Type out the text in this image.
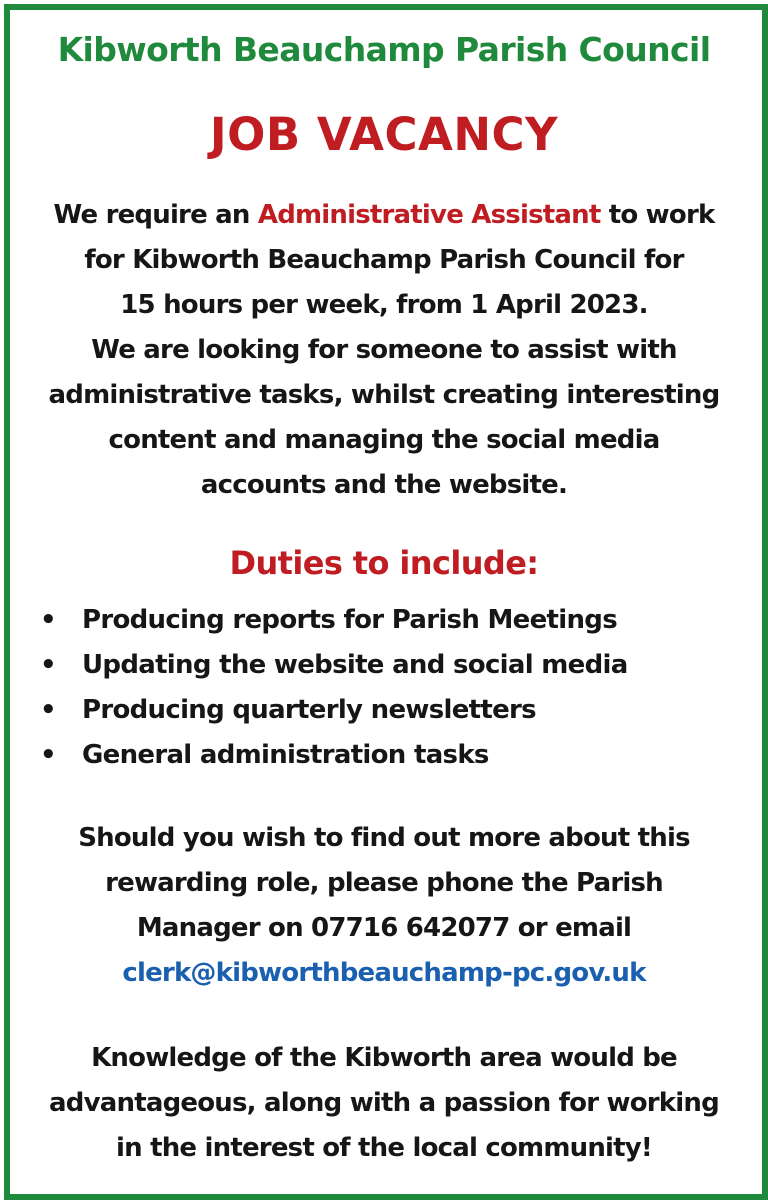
Kibworth Beauchamp Parish Council
JOB VACANCY
We require an Administrative Assistant to work
for Kibworth Beauchamp Parish Council for
15 hours per week, from 1 April 2023.
We are looking for someone to assist with
administrative tasks, whilst creating interesting
content and managing the social media
accounts and the website.
Duties to include:
• Producing reports for Parish Meetings
• Updating the website and social media
• Producing quarterly newsletters
• General administration tasks
Should you wish to find out more about this
rewarding role, please phone the Parish
Manager on 07716 642077 or email
clerk@kibworthbeauchamp-pc.gov.uk
Knowledge of the Kibworth area would be
advantageous, along with a passion for working
in the interest of the local community!
